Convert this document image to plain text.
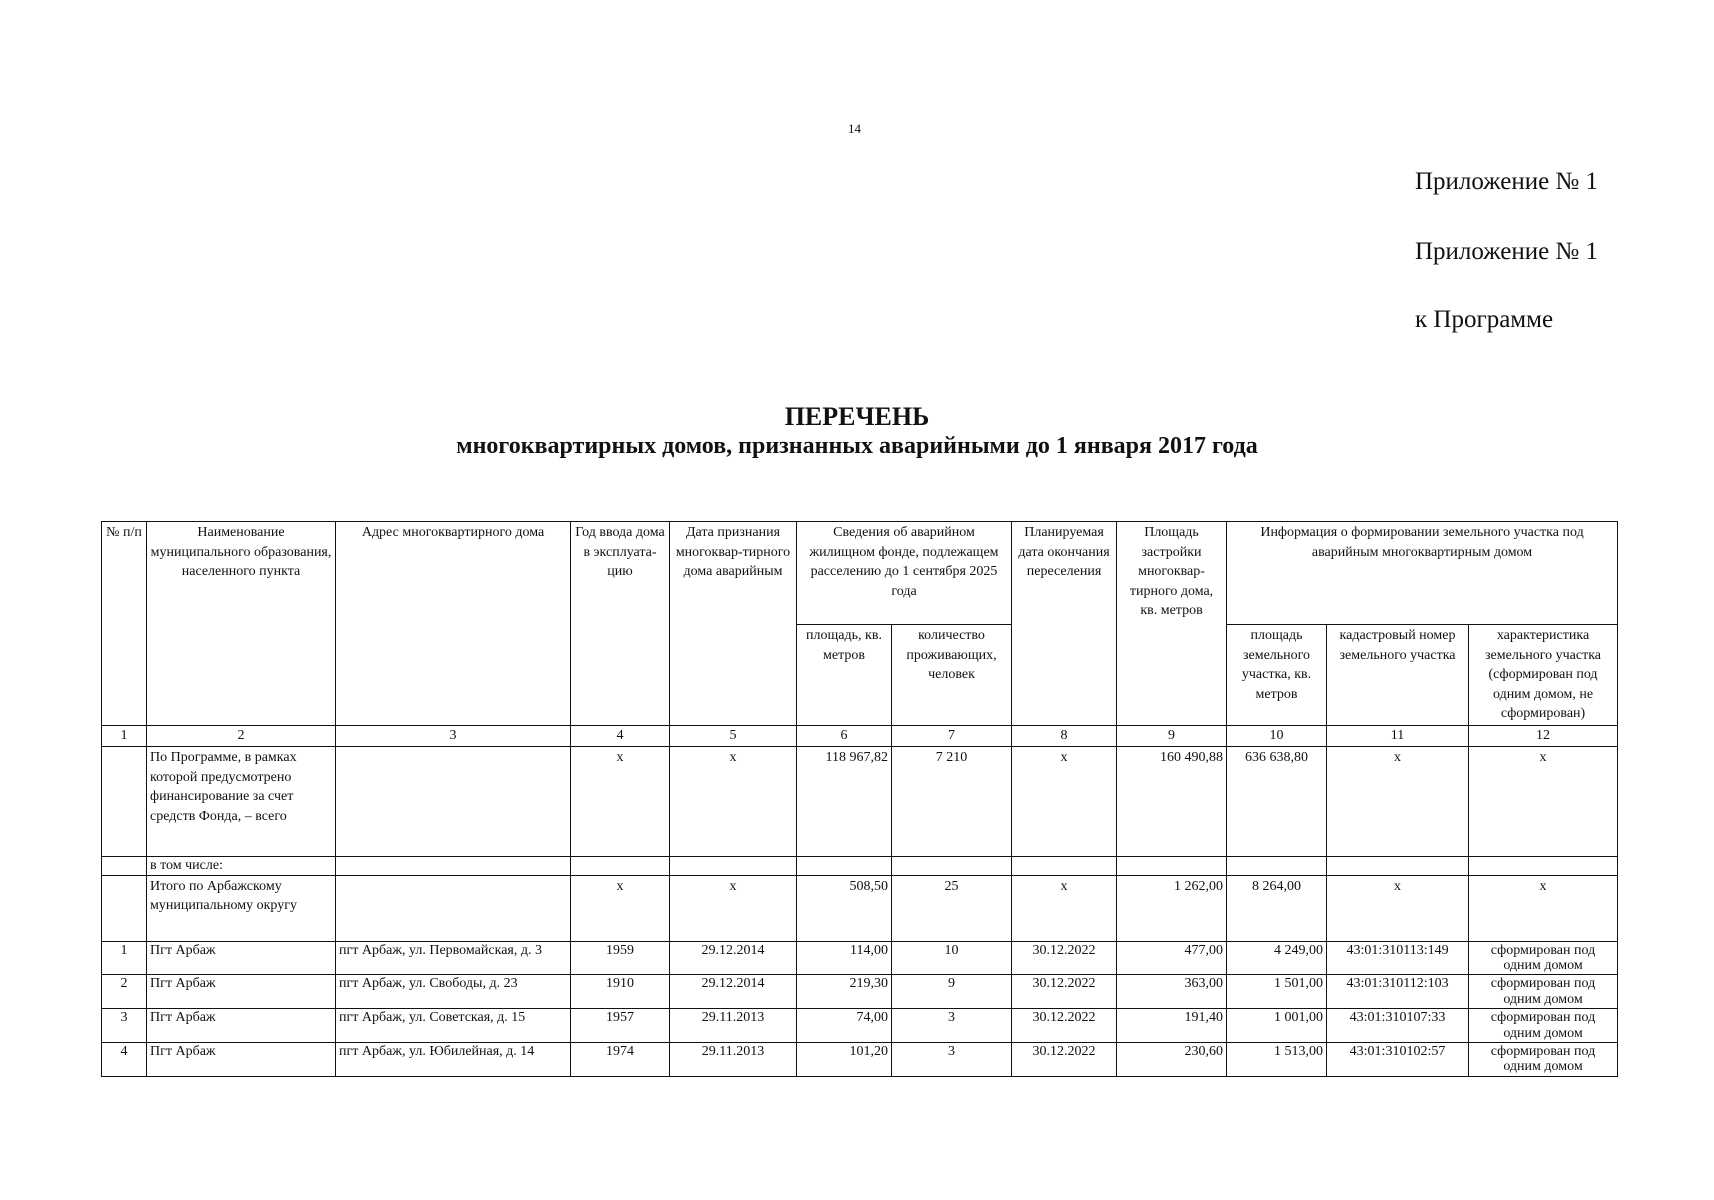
14
Приложение № 1
Приложение № 1
к Программе
ПЕРЕЧЕНЬ
многоквартирных домов, признанных аварийными до 1 января 2017 года
№ п/п	Наименование муниципального образования, населенного пункта	Адрес многоквартирного дома	Год ввода дома в эксплуата-цию	Дата признания многоквар-тирного дома аварийным	Сведения об аварийном жилищном фонде, подлежащем расселению до 1 сентября 2025 года		Планируемая дата окончания переселения	Площадь застройки многоквар-тирного дома, кв. метров	Информация о формировании земельного участка под аварийным многоквартирным домом		
					площадь, кв. метров	количество проживающих, человек			площадь земельного участка, кв. метров	кадастровый номер земельного участка	характеристика земельного участка (сформирован под одним домом, не сформирован)
1	2	3	4	5	6	7	8	9	10	11	12
	По Программе, в рамках которой предусмотрено финансирование за счет средств Фонда, – всего		х	х	118 967,82	7 210	х	160 490,88	636 638,80	х	х
	в том числе:										
	Итого по Арбажскому муниципальному округу		х	х	508,50	25	х	1 262,00	8 264,00	х	х
1	Пгт Арбаж	пгт Арбаж, ул. Первомайская, д. 3	1959	29.12.2014	114,00	10	30.12.2022	477,00	4 249,00	43:01:310113:149	сформирован под одним домом
2	Пгт Арбаж	пгт Арбаж, ул. Свободы, д. 23	1910	29.12.2014	219,30	9	30.12.2022	363,00	1 501,00	43:01:310112:103	сформирован под одним домом
3	Пгт Арбаж	пгт Арбаж, ул. Советская, д. 15	1957	29.11.2013	74,00	3	30.12.2022	191,40	1 001,00	43:01:310107:33	сформирован под одним домом
4	Пгт Арбаж	пгт Арбаж, ул. Юбилейная, д. 14	1974	29.11.2013	101,20	3	30.12.2022	230,60	1 513,00	43:01:310102:57	сформирован под одним домом
